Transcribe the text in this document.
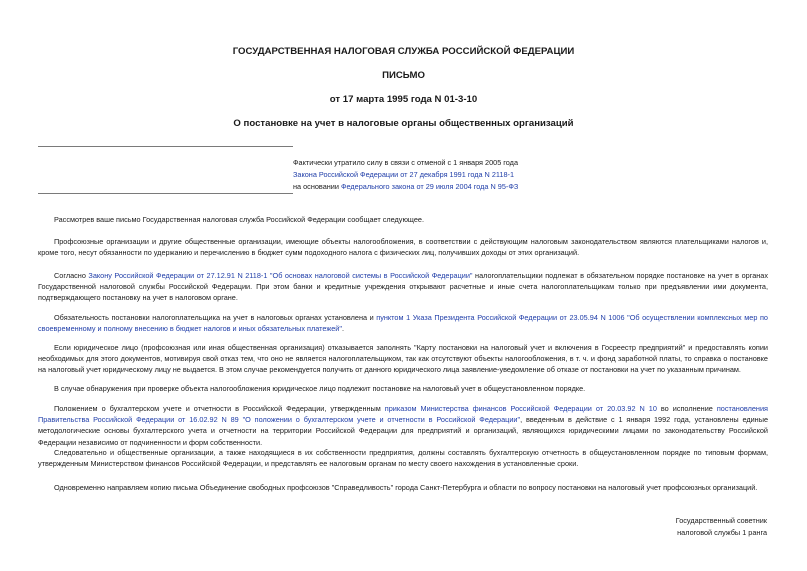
ГОСУДАРСТВЕННАЯ НАЛОГОВАЯ СЛУЖБА РОССИЙСКОЙ ФЕДЕРАЦИИ
ПИСЬМО
от 17 марта 1995 года N 01-3-10
О постановке на учет в налоговые органы общественных организаций
Фактически утратило силу в связи с отменой с 1 января 2005 года
Закона Российской Федерации от 27 декабря 1991 года N 2118-1
на основании Федерального закона от 29 июля 2004 года N 95-ФЗ

Рассмотрев ваше письмо Государственная налоговая служба Российской Федерации сообщает следующее.

Профсоюзные организации и другие общественные организации, имеющие объекты налогообложения, в соответствии с действующим налоговым законодательством являются плательщиками налогов и, кроме того, несут обязанности по удержанию и перечислению в бюджет сумм подоходного налога с физических лиц, получивших доходы от этих организаций.

Согласно Закону Российской Федерации от 27.12.91 N 2118-1 "Об основах налоговой системы в Российской Федерации" налогоплательщики подлежат в обязательном порядке постановке на учет в органах Государственной налоговой службы Российской Федерации. При этом банки и кредитные учреждения открывают расчетные и иные счета налогоплательщикам только при предъявлении ими документа, подтверждающего постановку на учет в налоговом органе.

Обязательность постановки налогоплательщика на учет в налоговых органах установлена и пунктом 1 Указа Президента Российской Федерации от 23.05.94 N 1006 "Об осуществлении комплексных мер по своевременному и полному внесению в бюджет налогов и иных обязательных платежей".

Если юридическое лицо (профсоюзная или иная общественная организация) отказывается заполнять "Карту постановки на налоговый учет и включения в Госреестр предприятий" и предоставлять копии необходимых для этого документов, мотивируя свой отказ тем, что оно не является налогоплательщиком, так как отсутствуют объекты налогообложения, в т. ч. и фонд заработной платы, то справка о постановке на налоговый учет юридическому лицу не выдается. В этом случае рекомендуется получить от данного юридического лица заявление-уведомление об отказе от постановки на учет по указанным причинам.

В случае обнаружения при проверке объекта налогообложения юридическое лицо подлежит постановке на налоговый учет в общеустановленном порядке.

Положением о бухгалтерском учете и отчетности в Российской Федерации, утвержденным приказом Министерства финансов Российской Федерации от 20.03.92 N 10 во исполнение постановления Правительства Российской Федерации от 16.02.92 N 89 "О положении о бухгалтерском учете и отчетности в Российской Федерации", введенным в действие с 1 января 1992 года, установлены единые методологические основы бухгалтерского учета и отчетности на территории Российской Федерации для предприятий и организаций, являющихся юридическими лицами по законодательству Российской Федерации независимо от подчиненности и форм собственности.

Следовательно и общественные организации, а также находящиеся в их собственности предприятия, должны составлять бухгалтерскую отчетность в общеустановленном порядке по типовым формам, утвержденным Министерством финансов Российской Федерации, и представлять ее налоговым органам по месту своего нахождения в установленные сроки.

Одновременно направляем копию письма Объединение свободных профсоюзов "Справедливость" города Санкт-Петербурга и области по вопросу постановки на налоговый учет профсоюзных организаций.

Государственный советник
налоговой службы 1 ранга
